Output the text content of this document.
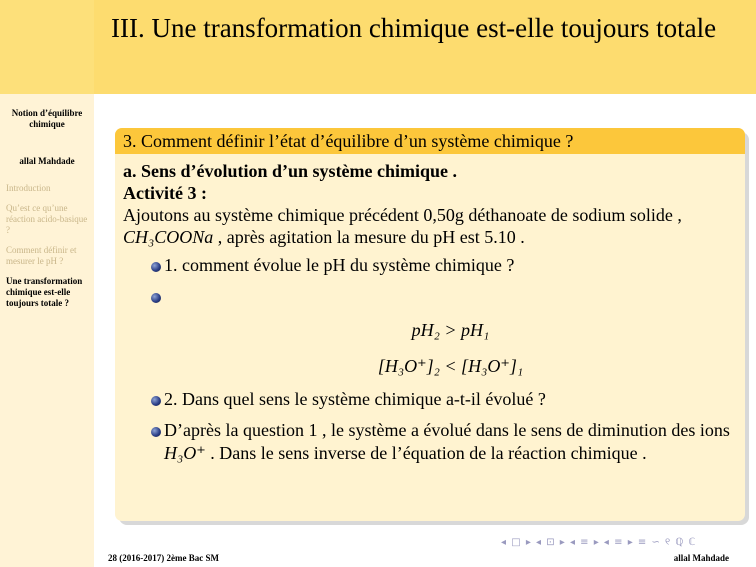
Notion d’équilibre chimique
allal Mahdade
Introduction
Qu’est ce qu’une réaction acido-basique ?
Comment définir et mesurer le pH ?
Une transformation chimique est-elle toujours totale ?
III. Une transformation chimique est-elle toujours totale
3. Comment définir l’état d’équilibre d’un système chimique ?
a. Sens d’évolution d’un système chimique .
Activité 3 :
Ajoutons au système chimique précédent 0,50g déthanoate de sodium solide , CH₃COONa , après agitation la mesure du pH est 5.10 .
1. comment évolue le pH du système chimique ?

pH₂ > pH₁
[H₃O⁺]₂ < [H₃O⁺]₁
2. Dans quel sens le système chimique a-t-il évolué ?
D’après la question 1 , le système a évolué dans le sens de diminution des ions H₃O⁺ . Dans le sens inverse de l’équation de la réaction chimique .
◂ □ ▸ ◂ ⊡ ▸ ◂ ≡ ▸ ◂ ≡ ▸ ≡ ∽ ୧ ℚ ℂ
28 (2016-2017) 2ème Bac SM	allal Mahdade
